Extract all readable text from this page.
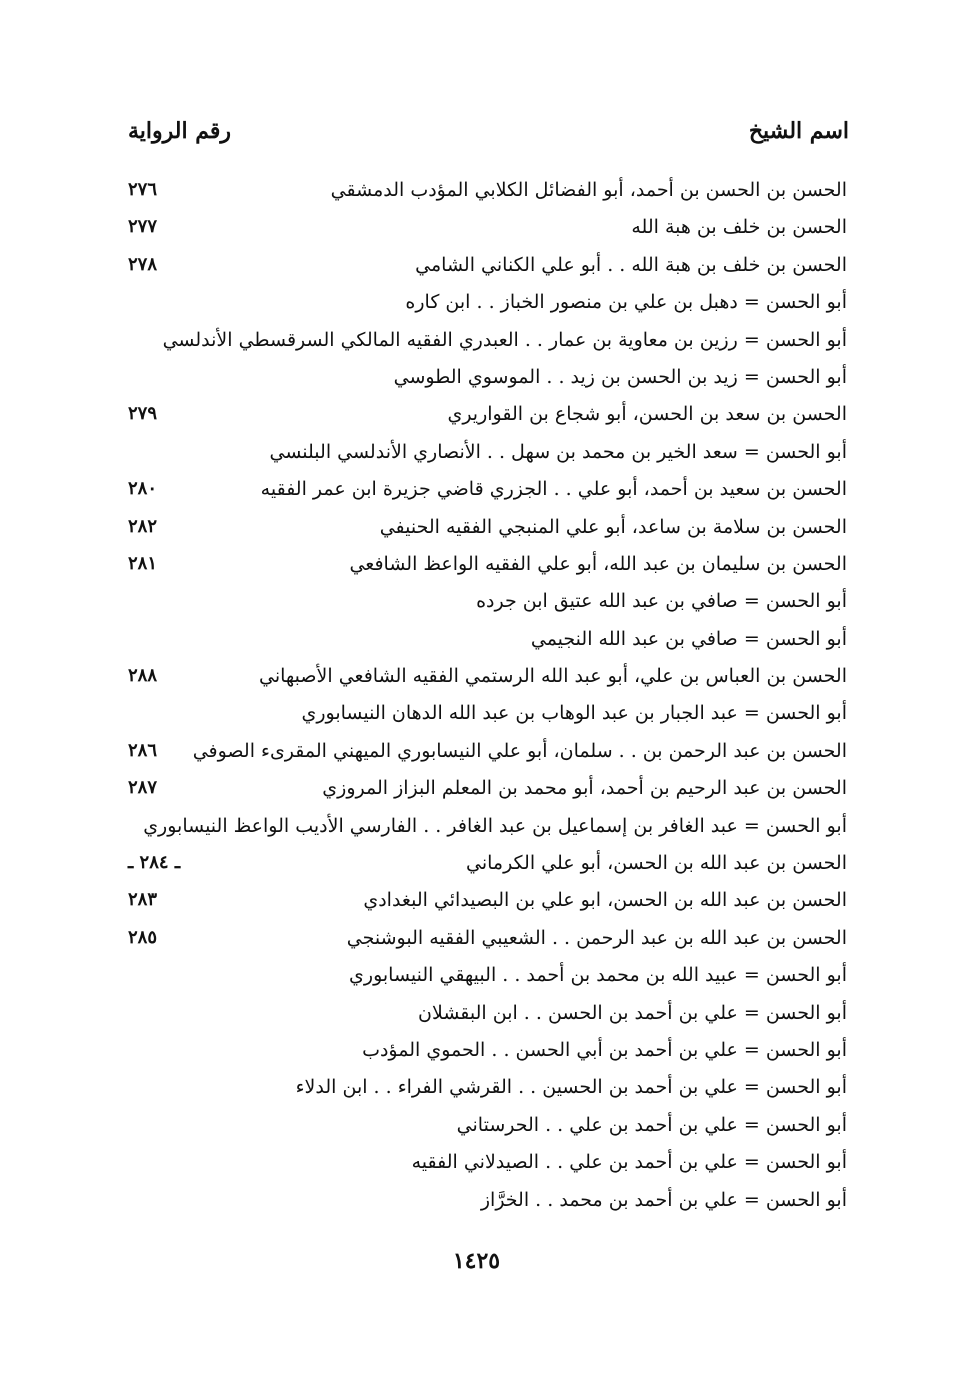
اسم الشيخ
رقم الرواية
الحسن بن الحسن بن أحمد، أبو الفضائل الكلابي المؤدب الدمشقي
٢٧٦
الحسن بن خلف بن هبة الله
٢٧٧
الحسن بن خلف بن هبة الله . . أبو علي الكناني الشامي
٢٧٨
أبو الحسن = دهبل بن علي بن منصور الخباز . . ابن كاره
أبو الحسن = رزين بن معاوية بن عمار . . العبدري الفقيه المالكي السرقسطي الأندلسي
أبو الحسن = زيد بن الحسن بن زيد . . الموسوي الطوسي
الحسن بن سعد بن الحسن، أبو شجاع بن القواريري
٢٧٩
أبو الحسن = سعد الخير بن محمد بن سهل . . الأنصاري الأندلسي البلنسي
الحسن بن سعيد بن أحمد، أبو علي . . الجزري قاضي جزيرة ابن عمر الفقيه
٢٨٠
الحسن بن سلامة بن ساعد، أبو علي المنبجي الفقيه الحنيفي
٢٨٢
الحسن بن سليمان بن عبد الله، أبو علي الفقيه الواعظ الشافعي
٢٨١
أبو الحسن = صافي بن عبد الله عتيق ابن جرده
أبو الحسن = صافي بن عبد الله النجيمي
الحسن بن العباس بن علي، أبو عبد الله الرستمي الفقيه الشافعي الأصبهاني
٢٨٨
أبو الحسن = عبد الجبار بن عبد الوهاب بن عبد الله الدهان النيسابوري
الحسن بن عبد الرحمن بن . . سلمان، أبو علي النيسابوري الميهني المقرىء الصوفي
٢٨٦
الحسن بن عبد الرحيم بن أحمد، أبو محمد بن المعلم البزاز المروزي
٢٨٧
أبو الحسن = عبد الغافر بن إسماعيل بن عبد الغافر . . الفارسي الأديب الواعظ النيسابوري
الحسن بن عبد الله بن الحسن، أبو علي الكرماني
ـ ٢٨٤ ـ
الحسن بن عبد الله بن الحسن، ابو علي بن البصيدائي البغدادي
٢٨٣
الحسن بن عبد الله بن عبد الرحمن . . الشعيبي الفقيه البوشنجي
٢٨٥
أبو الحسن = عبيد الله بن محمد بن أحمد . . البيهقي النيسابوري
أبو الحسن = علي بن أحمد بن الحسن . . ابن البقشلان
أبو الحسن = علي بن أحمد بن أبي الحسن . . الحموي المؤدب
أبو الحسن = علي بن أحمد بن الحسين . . القرشي الفراء . . ابن الدلاء
أبو الحسن = علي بن أحمد بن علي . . الحرستاني
أبو الحسن = علي بن أحمد بن علي . . الصيدلاني الفقيه
أبو الحسن = علي بن أحمد بن محمد . . الخرَّاز
١٤٢٥
